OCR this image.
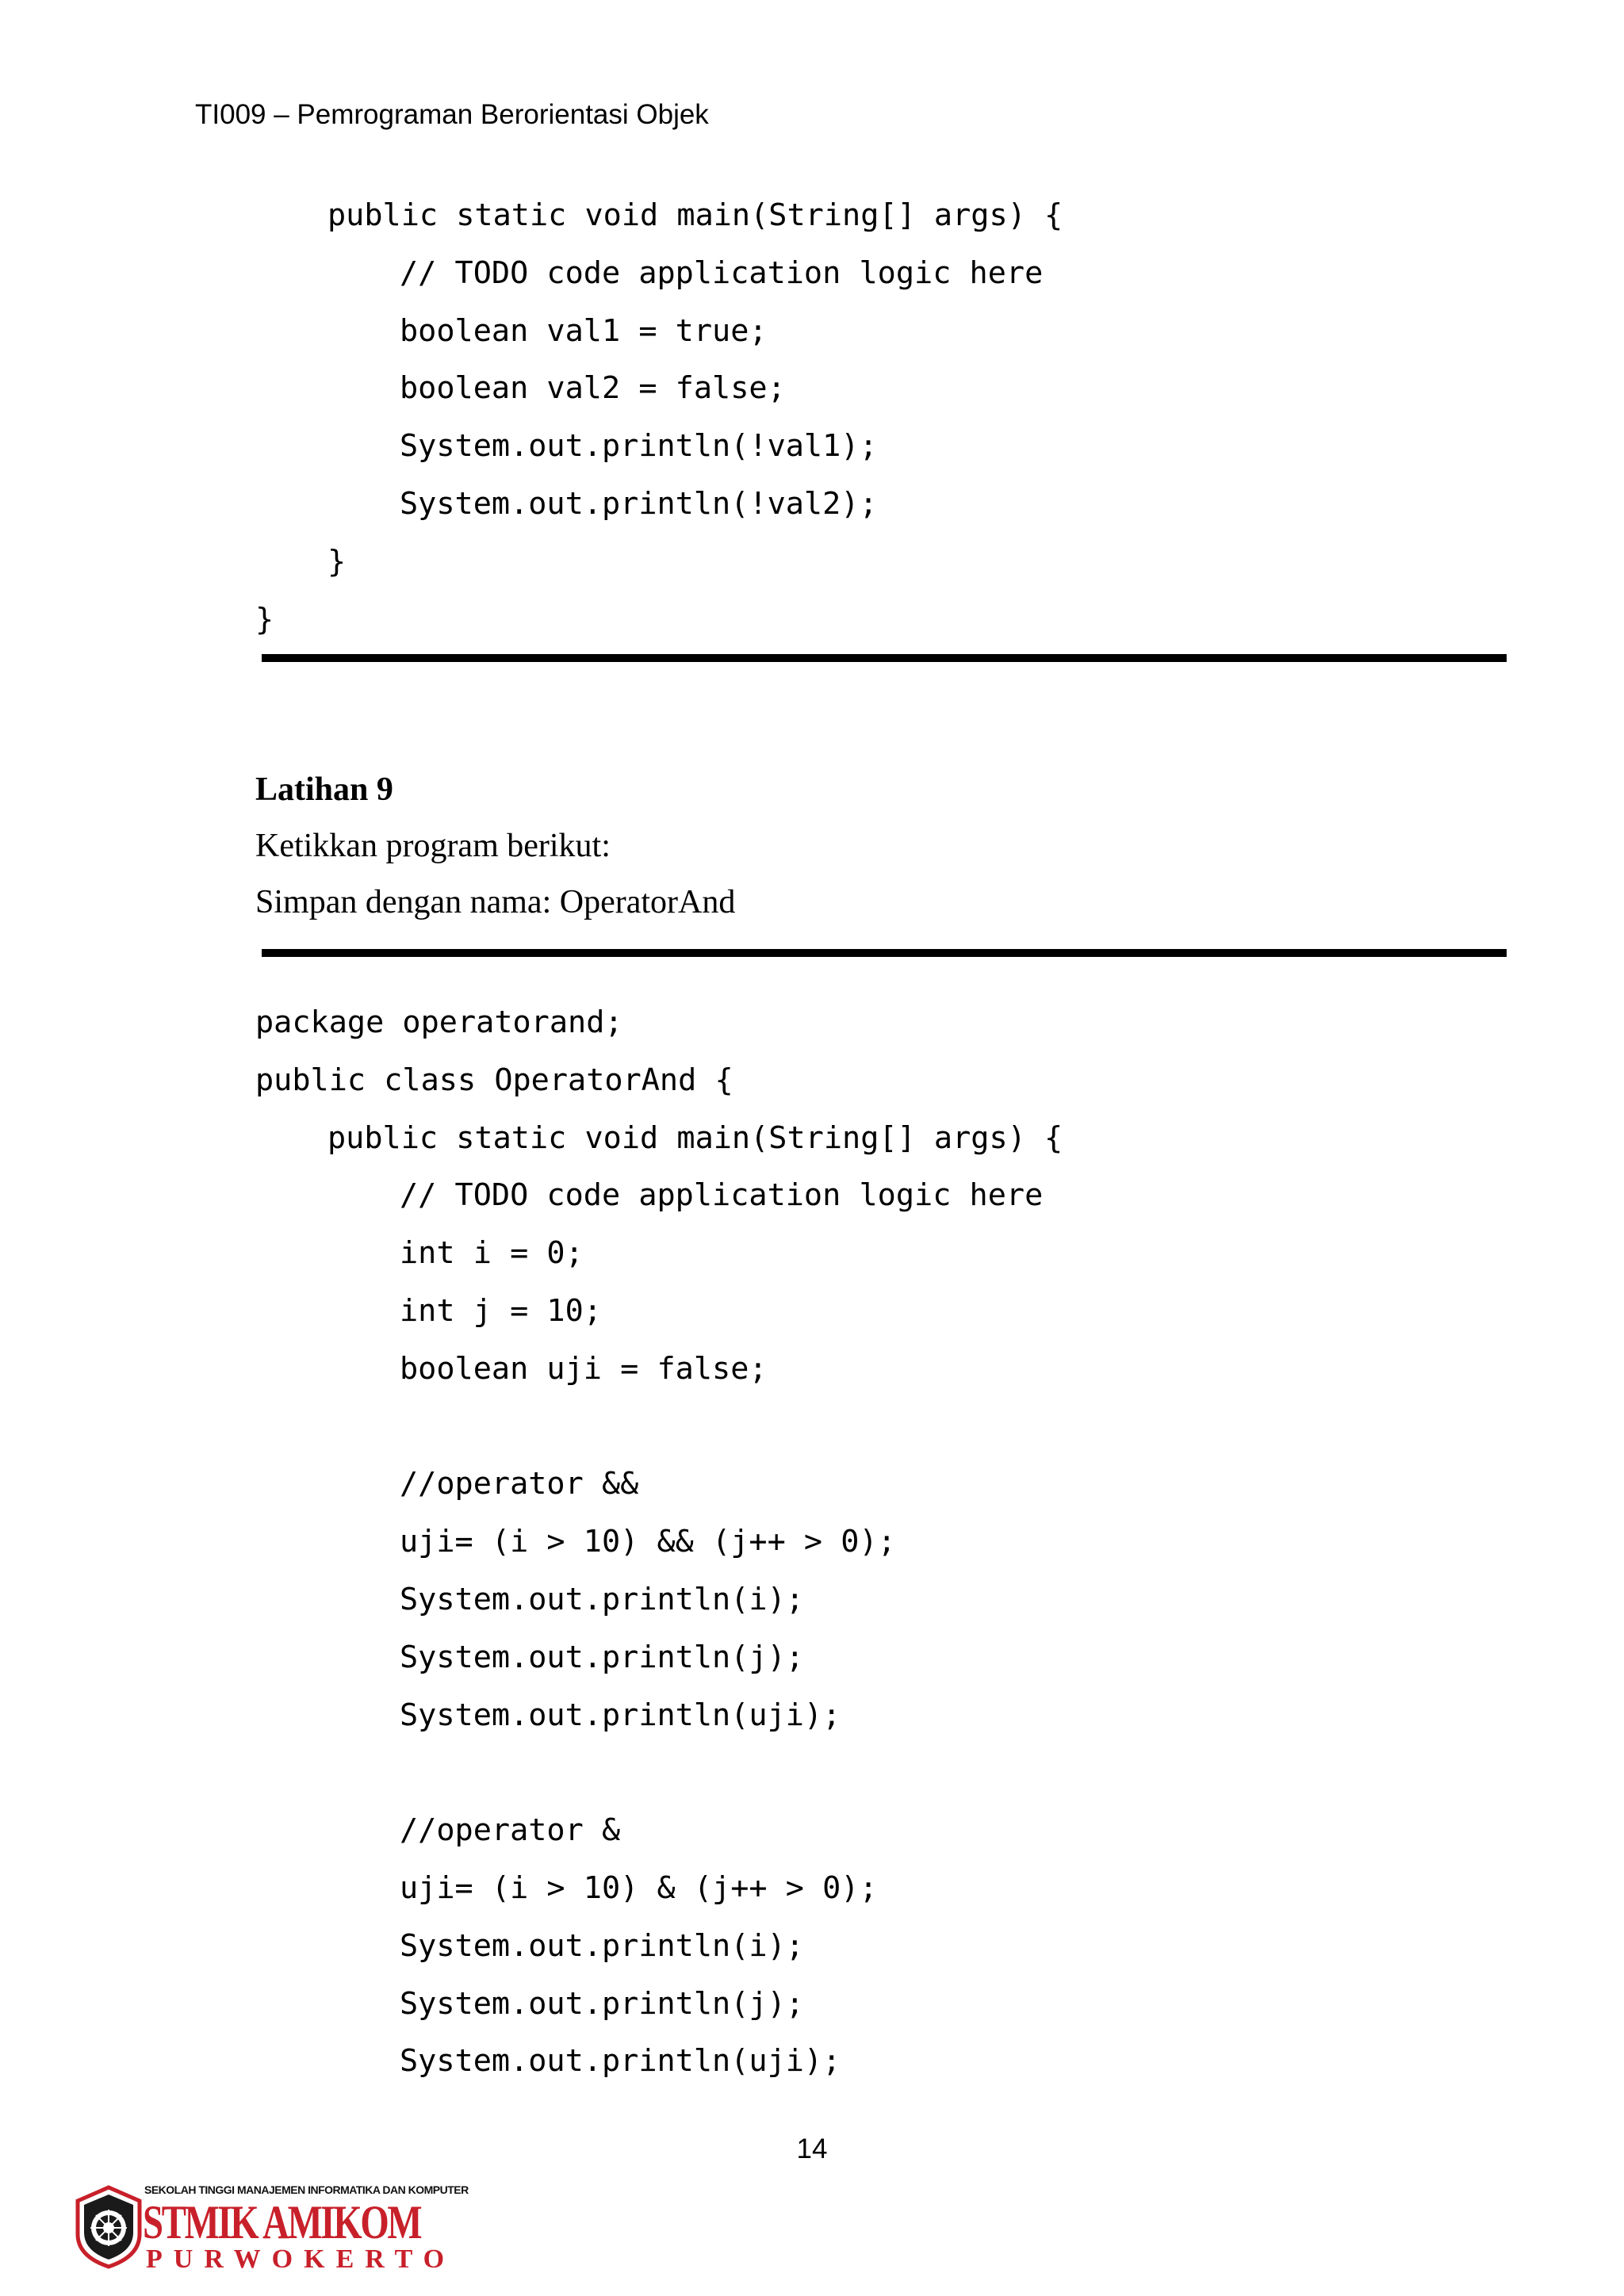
TI009 – Pemrograman Berorientasi Objek
public static void main(String[] args) {
// TODO code application logic here
boolean val1 = true;
boolean val2 = false;
System.out.println(!val1);
System.out.println(!val2);
}
}
Latihan 9
Ketikkan program berikut:
Simpan dengan nama: OperatorAnd
package operatorand;
public class OperatorAnd {
public static void main(String[] args) {
// TODO code application logic here
int i = 0;
int j = 10;
boolean uji = false;
//operator &&
uji= (i > 10) && (j++ > 0);
System.out.println(i);
System.out.println(j);
System.out.println(uji);
//operator &
uji= (i > 10) & (j++ > 0);
System.out.println(i);
System.out.println(j);
System.out.println(uji);
14
SEKOLAH TINGGI MANAJEMEN INFORMATIKA DAN KOMPUTER
STMIK AMIKOM
PURWOKERTO
